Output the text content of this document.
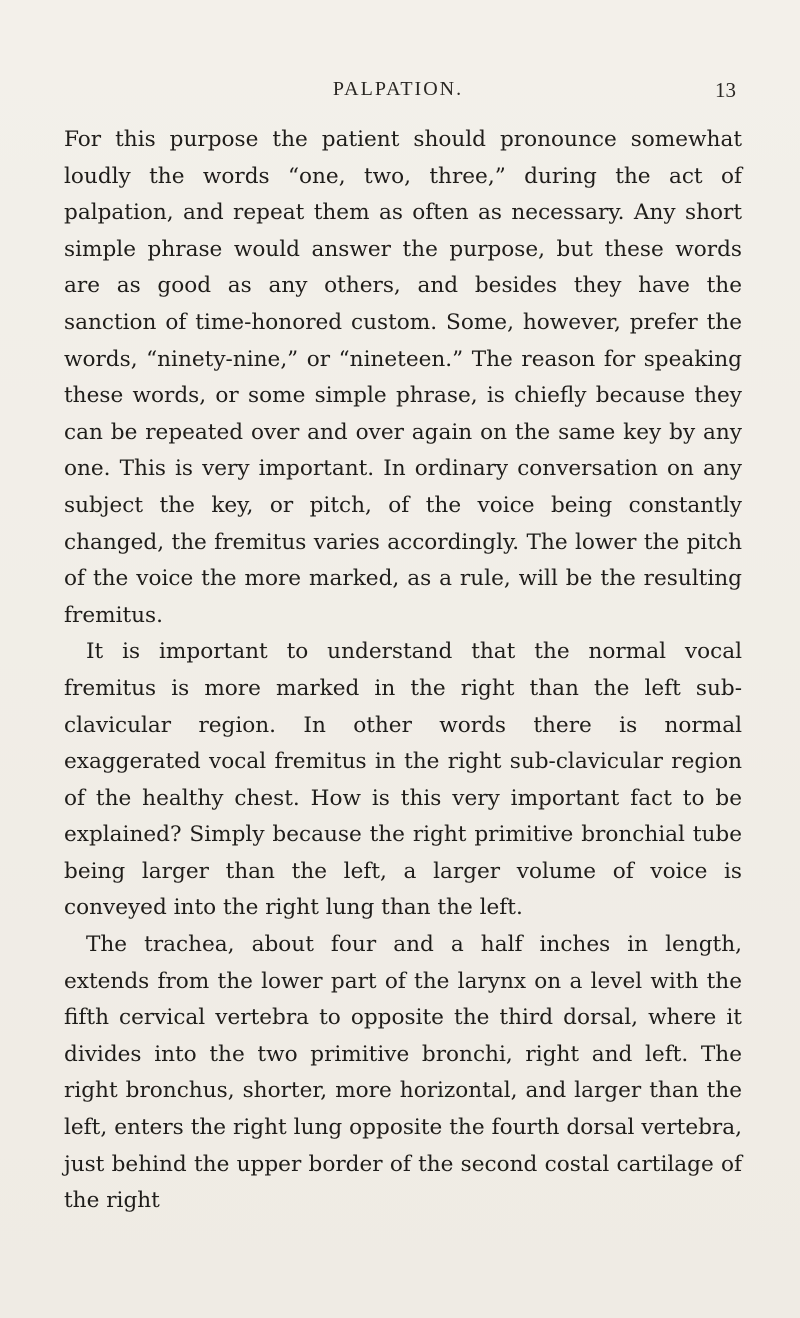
PALPATION.	13

For this purpose the patient should pronounce somewhat loudly the words “one, two, three,” during the act of palpation, and repeat them as often as necessary. Any short simple phrase would answer the purpose, but these words are as good as any others, and besides they have the sanction of time-honored custom. Some, however, prefer the words, “ninety-nine,” or “nineteen.” The reason for speaking these words, or some simple phrase, is chiefly because they can be repeated over and over again on the same key by any one. This is very important. In ordinary conversation on any subject the key, or pitch, of the voice being constantly changed, the fremitus varies accordingly. The lower the pitch of the voice the more marked, as a rule, will be the resulting fremitus.

It is important to understand that the normal vocal fremitus is more marked in the right than the left sub-clavicular region. In other words there is normal exaggerated vocal fremitus in the right sub-clavicular region of the healthy chest. How is this very important fact to be explained? Simply because the right primitive bronchial tube being larger than the left, a larger volume of voice is conveyed into the right lung than the left.

The trachea, about four and a half inches in length, extends from the lower part of the larynx on a level with the fifth cervical vertebra to opposite the third dorsal, where it divides into the two primitive bronchi, right and left. The right bronchus, shorter, more horizontal, and larger than the left, enters the right lung opposite the fourth dorsal vertebra, just behind the upper border of the second costal cartilage of the right
